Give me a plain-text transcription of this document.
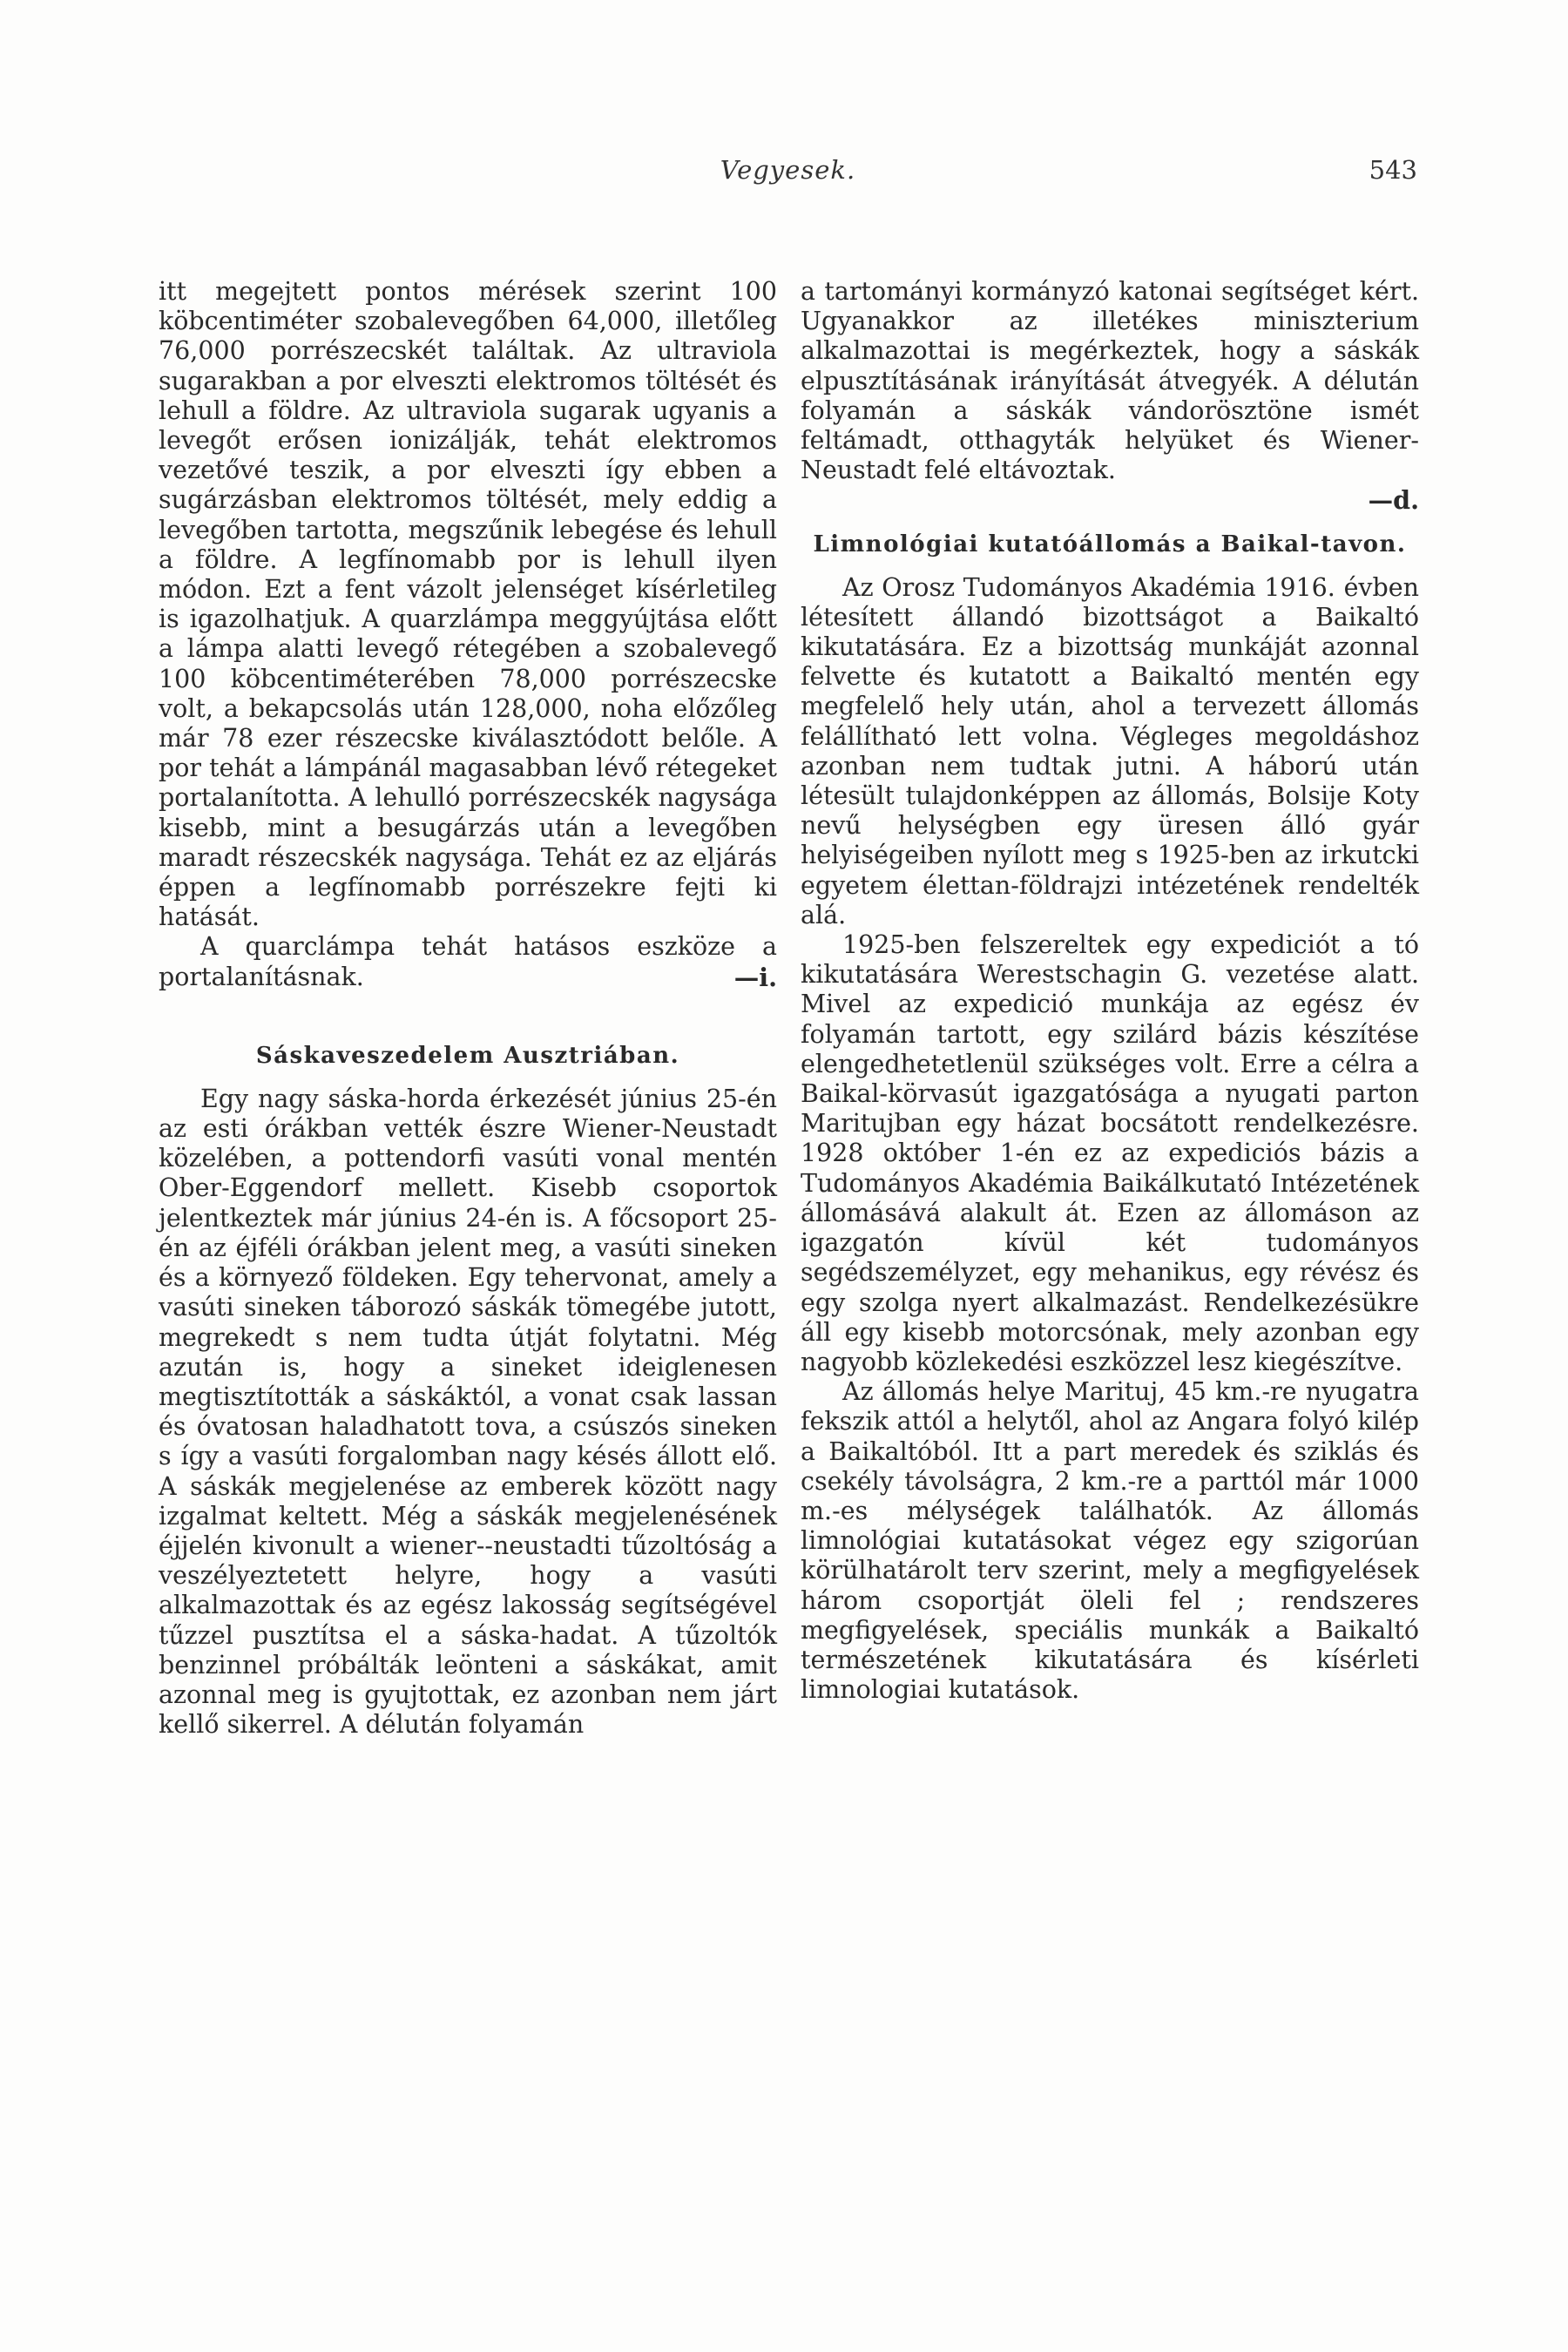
Vegyesek.	543

itt megejtett pontos mérések szerint 100 köbcentiméter szobalevegőben 64,000, illetőleg 76,000 porrészecskét találtak. Az ultraviola sugarakban a por elveszti elektromos töltését és lehull a földre. Az ultraviola sugarak ugyanis a levegőt erősen ionizálják, tehát elektromos vezetővé teszik, a por elveszti így ebben a sugárzásban elektromos töltését, mely eddig a levegőben tartotta, megszűnik lebegése és lehull a földre. A legfínomabb por is lehull ilyen módon. Ezt a fent vázolt jelenséget kísérletileg is igazolhatjuk. A quarzlámpa meggyújtása előtt a lámpa alatti levegő rétegében a szobalevegő 100 köbcentiméterében 78,000 porrészecske volt, a bekapcsolás után 128,000, noha előzőleg már 78 ezer részecske kiválasztódott belőle. A por tehát a lámpánál magasabban lévő rétegeket portalanította. A lehulló porrészecskék nagysága kisebb, mint a besugárzás után a levegőben maradt részecskék nagysága. Tehát ez az eljárás éppen a legfínomabb porrészekre fejti ki hatását.

A quarclámpa tehát hatásos eszköze a portalanításnak.	—i.

Sáskaveszedelem Ausztriában.

Egy nagy sáska-horda érkezését június 25-én az esti órákban vették észre Wiener-Neustadt közelében, a pottendorfi vasúti vonal mentén Ober-Eggendorf mellett. Kisebb csoportok jelentkeztek már június 24-én is. A főcsoport 25-én az éjféli órákban jelent meg, a vasúti sineken és a környező földeken. Egy tehervonat, amely a vasúti sineken táborozó sáskák tömegébe jutott, megrekedt s nem tudta útját folytatni. Még azután is, hogy a sineket ideiglenesen megtisztították a sáskáktól, a vonat csak lassan és óvatosan haladhatott tova, a csúszós sineken s így a vasúti forgalomban nagy késés állott elő. A sáskák megjelenése az emberek között nagy izgalmat keltett. Még a sáskák megjelenésének éjjelén kivonult a wiener--neustadti tűzoltóság a veszélyeztetett helyre, hogy a vasúti alkalmazottak és az egész lakosság segítségével tűzzel pusztítsa el a sáska-hadat. A tűzoltók benzinnel próbálták leönteni a sáskákat, amit azonnal meg is gyujtottak, ez azonban nem járt kellő sikerrel. A délután folyamán

a tartományi kormányzó katonai segítséget kért. Ugyanakkor az illetékes miniszterium alkalmazottai is megérkeztek, hogy a sáskák elpusztításának irányítását átvegyék. A délután folyamán a sáskák vándorösztöne ismét feltámadt, otthagyták helyüket és Wiener-Neustadt felé eltávoztak.

—d.

Limnológiai kutatóállomás a Baikal-tavon.

Az Orosz Tudományos Akadémia 1916. évben létesített állandó bizottságot a Baikaltó kikutatására. Ez a bizottság munkáját azonnal felvette és kutatott a Baikaltó mentén egy megfelelő hely után, ahol a tervezett állomás felállítható lett volna. Végleges megoldáshoz azonban nem tudtak jutni. A háború után létesült tulajdonképpen az állomás, Bolsije Koty nevű helységben egy üresen álló gyár helyiségeiben nyílott meg s 1925-ben az irkutcki egyetem élettan-földrajzi intézetének rendelték alá.

1925-ben felszereltek egy expediciót a tó kikutatására Werestschagin G. vezetése alatt. Mivel az expedició munkája az egész év folyamán tartott, egy szilárd bázis készítése elengedhetetlenül szükséges volt. Erre a célra a Baikal-körvasút igazgatósága a nyugati parton Maritujban egy házat bocsátott rendelkezésre. 1928 október 1-én ez az expediciós bázis a Tudományos Akadémia Baikálkutató Intézetének állomásává alakult át. Ezen az állomáson az igazgatón kívül két tudományos segédszemélyzet, egy mehanikus, egy révész és egy szolga nyert alkalmazást. Rendelkezésükre áll egy kisebb motorcsónak, mely azonban egy nagyobb közlekedési eszközzel lesz kiegészítve.

Az állomás helye Marituj, 45 km.-re nyugatra fekszik attól a helytől, ahol az Angara folyó kilép a Baikaltóból. Itt a part meredek és sziklás és csekély távolságra, 2 km.-re a parttól már 1000 m.-es mélységek találhatók. Az állomás limnológiai kutatásokat végez egy szigorúan körülhatárolt terv szerint, mely a megfigyelések három csoportját öleli fel ; rendszeres megfigyelések, speciális munkák a Baikaltó természetének kikutatására és kísérleti limnologiai kutatások.
